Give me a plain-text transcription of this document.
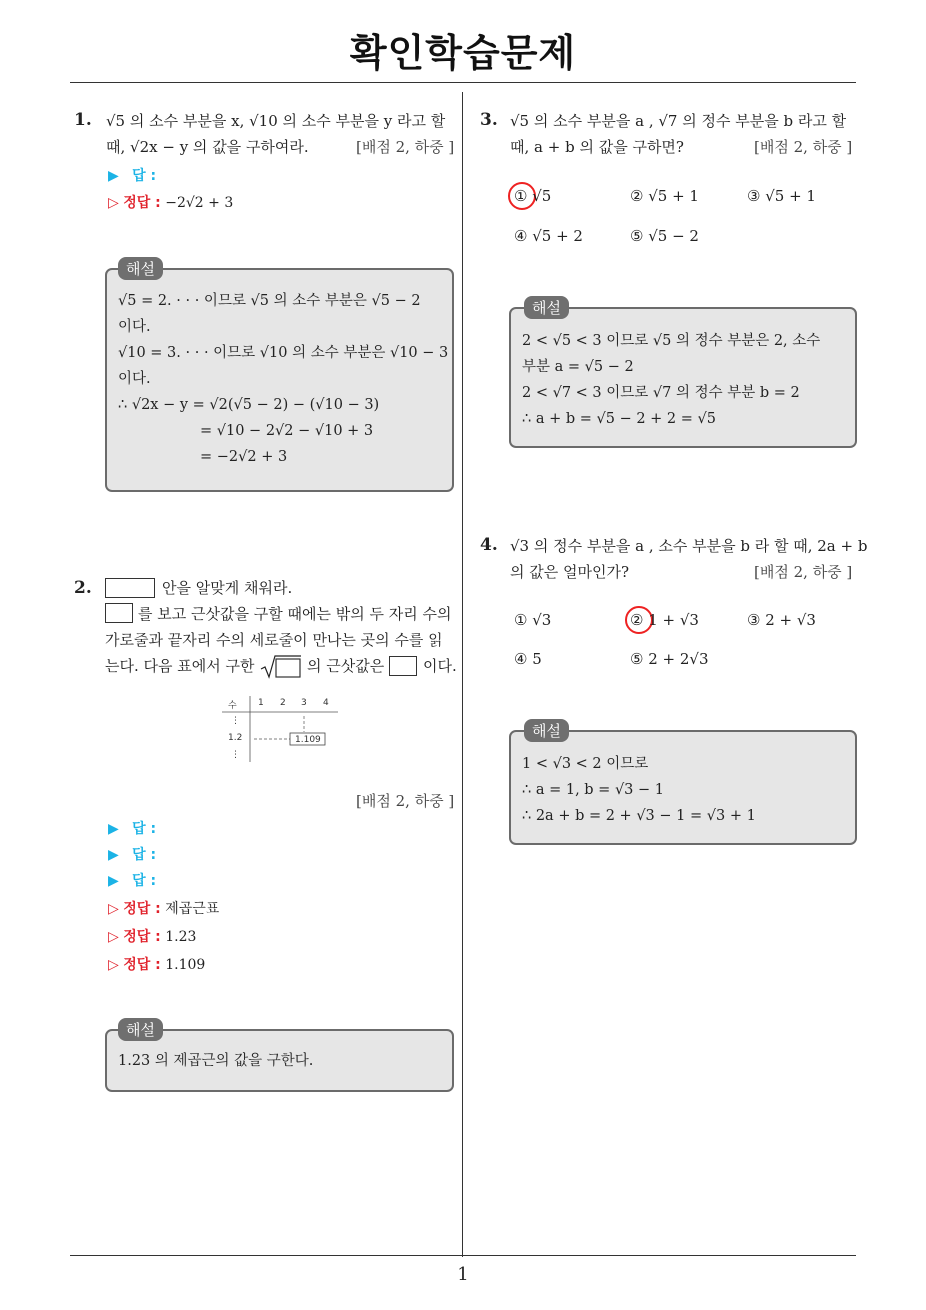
확인학습문제
1. √5 의 소수 부분을 x, √10 의 소수 부분을 y 라고 할
때, √2x − y 의 값을 구하여라.	[배점 2, 하중 ]
▶ 답 :
▷ 정답 : −2√2 + 3
해설
√5 = 2. · · · 이므로 √5 의 소수 부분은 √5 − 2
이다.
√10 = 3. · · · 이므로 √10 의 소수 부분은 √10 − 3
이다.
∴ √2x − y = √2(√5 − 2) − (√10 − 3)
= √10 − 2√2 − √10 + 3
= −2√2 + 3
2.	안을 알맞게 채워라.
를 보고 근삿값을 구할 때에는 밖의 두 자리 수의
가로줄과 끝자리 수의 세로줄이 만나는 곳의 수를 읽
는다. 다음 표에서 구한	의 근삿값은	이다.
수 1 2 3 4
⋮
1.2	1.109
⋮
[배점 2, 하중 ]
▶ 답 :
▶ 답 :
▶ 답 :
▷ 정답 : 제곱근표
▷ 정답 : 1.23
▷ 정답 : 1.109
해설
1.23 의 제곱근의 값을 구한다.
3. √5 의 소수 부분을 a , √7 의 정수 부분을 b 라고 할
때, a + b 의 값을 구하면?	[배점 2, 하중 ]
① √5	② √5 + 1	③ √5 + 1
④ √5 + 2	⑤ √5 − 2
해설
2 < √5 < 3 이므로 √5 의 정수 부분은 2, 소수
부분 a = √5 − 2
2 < √7 < 3 이므로 √7 의 정수 부분 b = 2
∴ a + b = √5 − 2 + 2 = √5
4. √3 의 정수 부분을 a , 소수 부분을 b 라 할 때, 2a + b
의 값은 얼마인가?	[배점 2, 하중 ]
① √3	② 1 + √3	③ 2 + √3
④ 5	⑤ 2 + 2√3
해설
1 < √3 < 2 이므로
∴ a = 1, b = √3 − 1
∴ 2a + b = 2 + √3 − 1 = √3 + 1
1
